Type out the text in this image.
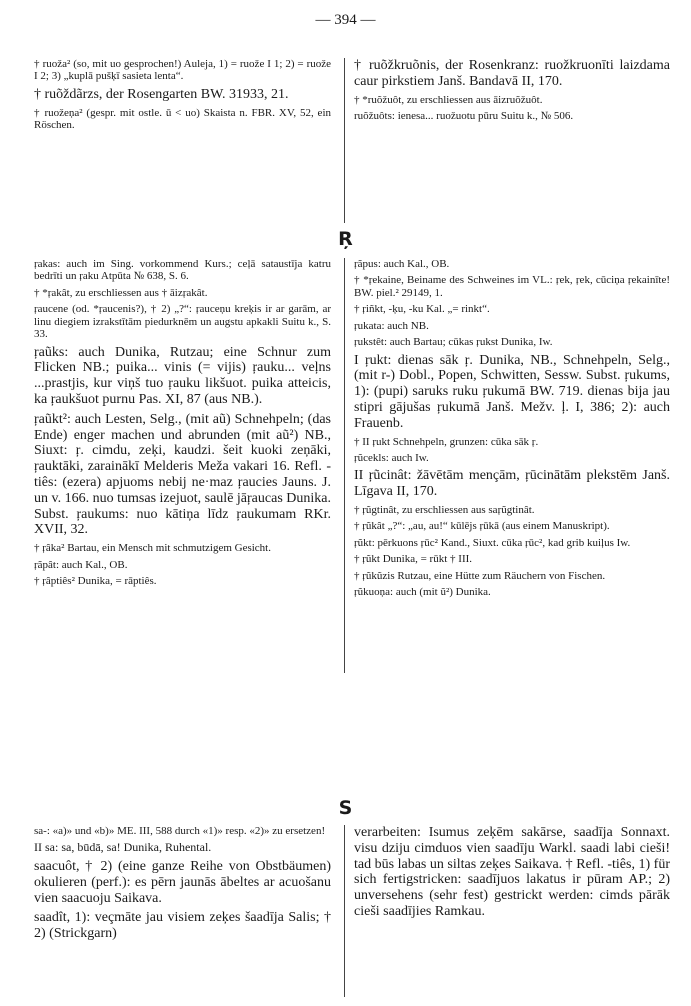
— 394 —

† ruoža² (so, mit uo gesprochen!) Auleja, 1) = ruože I 1; 2) = ruože I 2; 3) „kuplā pušķī sasieta lenta“.

† ruõždãrzs, der Rosengarten BW. 31933, 21.

† ruožeņa² (gespr. mit ostle. ū < uo) Skaista n. FBR. XV, 52, ein Röschen.

† ruõžkruõnis, der Rosenkranz: ruožkruonīti laizdama caur pirkstiem Janš. Bandavā II, 170.

† *ruõžuôt, zu erschliessen aus āizruõžuôt.

ruõžuôts: ienesa... ruožuotu pūru Suitu k., № 506.

Ŗ

ŗakas: auch im Sing. vorkommend Kurs.; ceļā sataustīja katru bedrīti un ŗaku Atpūta № 638, S. 6.

† *ŗakât, zu erschliessen aus † āizŗakât.

ŗaucene (od. *ŗaucenis?), † 2) „?“: ŗauceņu kreķis ir ar garām, ar linu diegiem izrakstītām piedurknēm un augstu apkakli Suitu k., S. 33.

ŗaũks: auch Dunika, Rutzau; eine Schnur zum Flicken NB.; puika... vinis (= vijis) ŗauku... veļns ...prastjis, kur viņš tuo ŗauku likšuot. puika atteicis, ka ŗaukšuot purnu Pas. XI, 87 (aus NB.).

ŗaũkt²: auch Lesten, Selg., (mit aũ) Schnehpeln; (das Ende) enger machen und abrunden (mit aũ²) NB., Siuxt: ŗ. cimdu, zeķi, kaudzi. šeit kuoki zeņāki, ŗauktāki, zarainākī Melderis Meža vakari 16. Refl. -tiês: (ezera) apjuoms nebij ne·maz ŗaucies Jauns. J. un v. 166. nuo tumsas izejuot, saulē jāŗaucas Dunika. Subst. ŗaukums: nuo kātiņa līdz ŗaukumam RKr. XVII, 32.

† ŗâka² Bartau, ein Mensch mit schmutzigem Gesicht.

ŗãpât: auch Kal., OB.

† ŗâptiês² Dunika, = rāptiês.

ŗãpus: auch Kal., OB.

† *ŗekaine, Beiname des Schweines im VL.: ŗek, ŗek, cūciņa ŗekainīte! BW. piel.² 29149, 1.

† ŗiñkt, -ķu, -ku Kal. „= rinkt“.

ŗukata: auch NB.

ŗukstêt: auch Bartau; cūkas ŗukst Dunika, Iw.

I ŗukt: dienas sāk ŗ. Dunika, NB., Schnehpeln, Selg., (mit r-) Dobl., Popen, Schwitten, Sessw. Subst. ŗukums, 1): (pupi) saruks ruku ŗukumā BW. 719. dienas bija jau stipri gājušas ŗukumā Janš. Mežv. ļ. I, 386; 2): auch Frauenb.

† II ŗukt Schnehpeln, grunzen: cūka sāk ŗ.

ŗũcekls: auch Iw.

II ŗũcinât: žāvētām mençām, ŗūcinātām plekstēm Janš. Līgava II, 170.

† ŗũgtinât, zu erschliessen aus saŗũgtinât.

† ŗũkât „?“: „au, au!“ kūlējs ŗūkā (aus einem Manuskript).

ŗũkt: pērkuons ŗūc² Kand., Siuxt. cūka ŗūc², kad grib kuiļus Iw.

† ŗũkt Dunika, = rūkt † III.

† ŗũkũzis Rutzau, eine Hütte zum Räuchern von Fischen.

ŗũkuoņa: auch (mit ũ²) Dunika.

S

sa-: «a)» und «b)» ME. III, 588 durch «1)» resp. «2)» zu ersetzen!

II sa: sa, būdā, sa! Dunika, Ruhental.

saacuôt, † 2) (eine ganze Reihe von Obstbäumen) okulieren (perf.): es pērn jaunās ābeltes ar acuošanu vien saacuoju Saikava.

saadît, 1): veçmāte jau visiem zeķes šaadīja Salis; † 2) (Strickgarn)

verarbeiten: Isumus zeķēm sakārse, saadīja Sonnaxt. visu dziju cimduos vien saadīju Warkl. saadi labi cieši! tad būs labas un siltas zeķes Saikava. † Refl. -tiês, 1) für sich fertigstricken: saadījuos lakatus ir pūram AP.; 2) unversehens (sehr fest) gestrickt werden: cimds pārāk cieši saadījies Ramkau.
